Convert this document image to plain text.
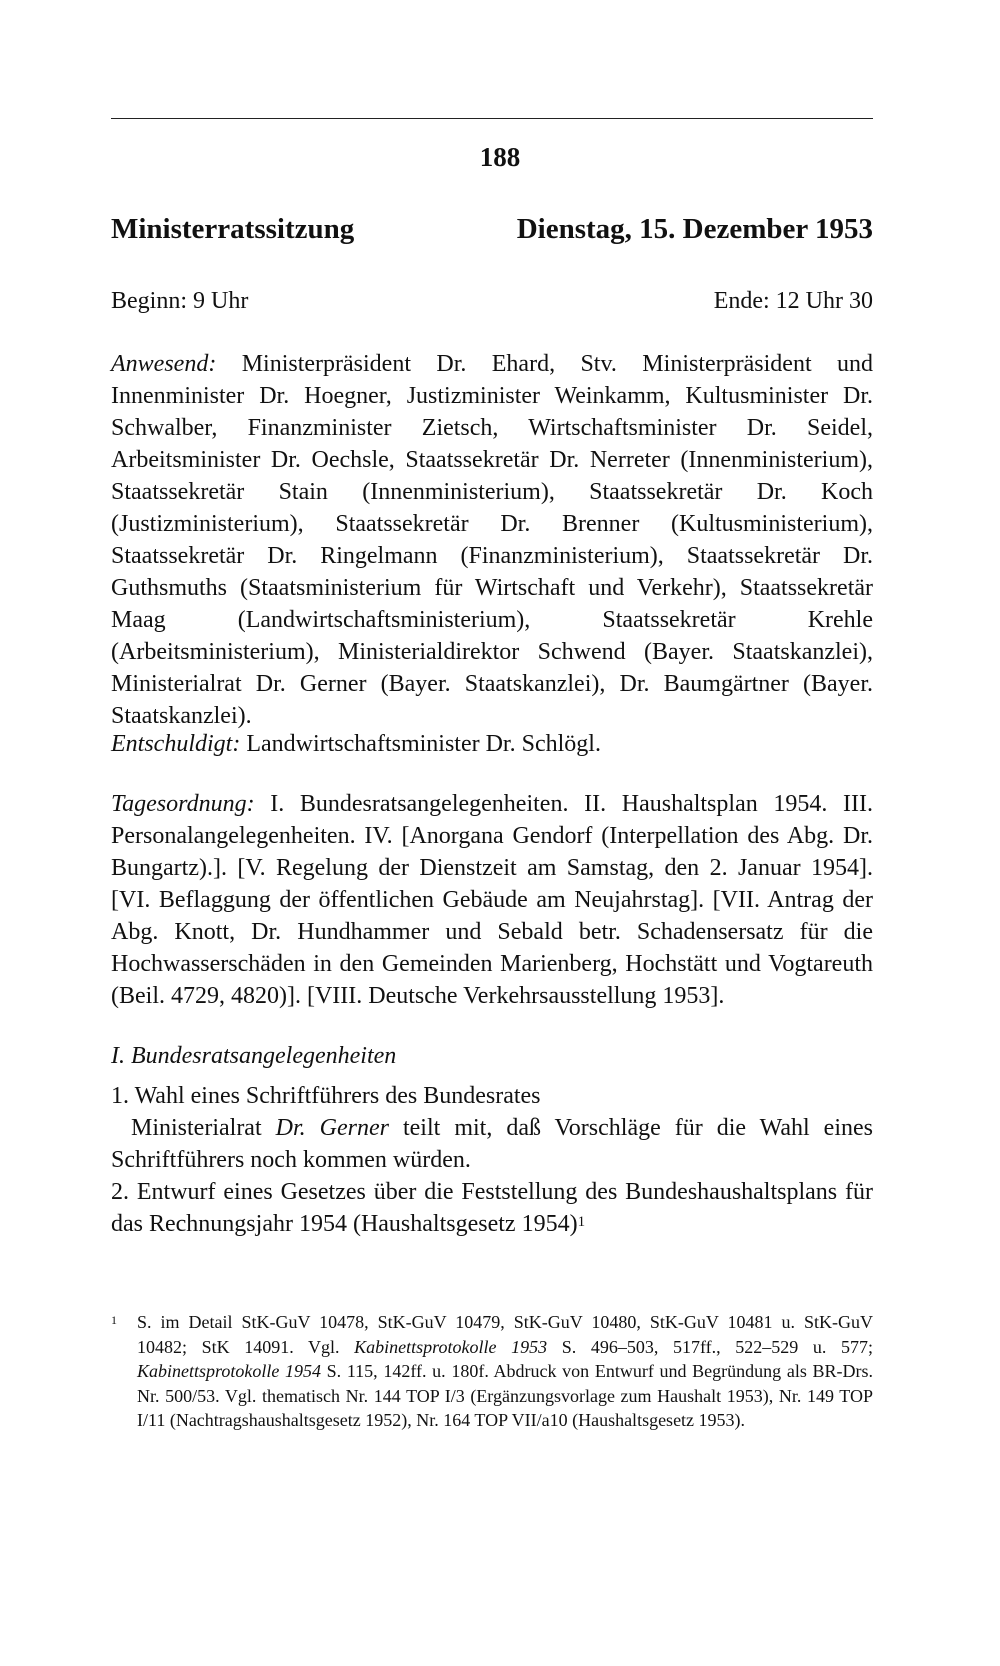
188
Ministerratssitzung	Dienstag, 15. Dezember 1953
Beginn: 9 Uhr	Ende: 12 Uhr 30
Anwesend: Ministerpräsident Dr. Ehard, Stv. Ministerpräsident und Innenminister Dr. Hoegner, Justizminister Weinkamm, Kultusminister Dr. Schwalber, Finanzminister Zietsch, Wirtschaftsminister Dr. Seidel, Arbeitsminister Dr. Oechsle, Staatssekretär Dr. Nerreter (Innenministerium), Staatssekretär Stain (Innenministerium), Staatssekretär Dr. Koch (Justizministerium), Staatssekretär Dr. Brenner (Kultusministerium), Staatssekretär Dr. Ringelmann (Finanzministerium), Staatssekretär Dr. Guthsmuths (Staatsministerium für Wirtschaft und Verkehr), Staatssekretär Maag (Landwirtschaftsministerium), Staatssekretär Krehle (Arbeitsministerium), Ministerialdirektor Schwend (Bayer. Staatskanzlei), Ministerialrat Dr. Gerner (Bayer. Staatskanzlei), Dr. Baumgärtner (Bayer. Staatskanzlei).
Entschuldigt: Landwirtschaftsminister Dr. Schlögl.
Tagesordnung: I. Bundesratsangelegenheiten. II. Haushaltsplan 1954. III. Personalangelegenheiten. IV. [Anorgana Gendorf (Interpellation des Abg. Dr. Bungartz).]. [V. Regelung der Dienstzeit am Samstag, den 2. Januar 1954]. [VI. Beflaggung der öffentlichen Gebäude am Neujahrstag]. [VII. Antrag der Abg. Knott, Dr. Hundhammer und Sebald betr. Schadensersatz für die Hochwasserschäden in den Gemeinden Marienberg, Hochstätt und Vogtareuth (Beil. 4729, 4820)]. [VIII. Deutsche Verkehrsausstellung 1953].
I. Bundesratsangelegenheiten
1. Wahl eines Schriftführers des Bundesrates
Ministerialrat Dr. Gerner teilt mit, daß Vorschläge für die Wahl eines Schriftführers noch kommen würden.
2. Entwurf eines Gesetzes über die Feststellung des Bundeshaushaltsplans für das Rechnungsjahr 1954 (Haushaltsgesetz 1954)$^1$
1	S. im Detail StK-GuV 10478, StK-GuV 10479, StK-GuV 10480, StK-GuV 10481 u. StK-GuV 10482; StK 14091. Vgl. Kabinettsprotokolle 1953 S. 496–503, 517ff., 522–529 u. 577; Kabinettsprotokolle 1954 S. 115, 142ff. u. 180f. Abdruck von Entwurf und Begründung als BR-Drs. Nr. 500/53. Vgl. thematisch Nr. 144 TOP I/3 (Ergänzungsvorlage zum Haushalt 1953), Nr. 149 TOP I/11 (Nachtragshaushaltsgesetz 1952), Nr. 164 TOP VII/a10 (Haushaltsgesetz 1953).
